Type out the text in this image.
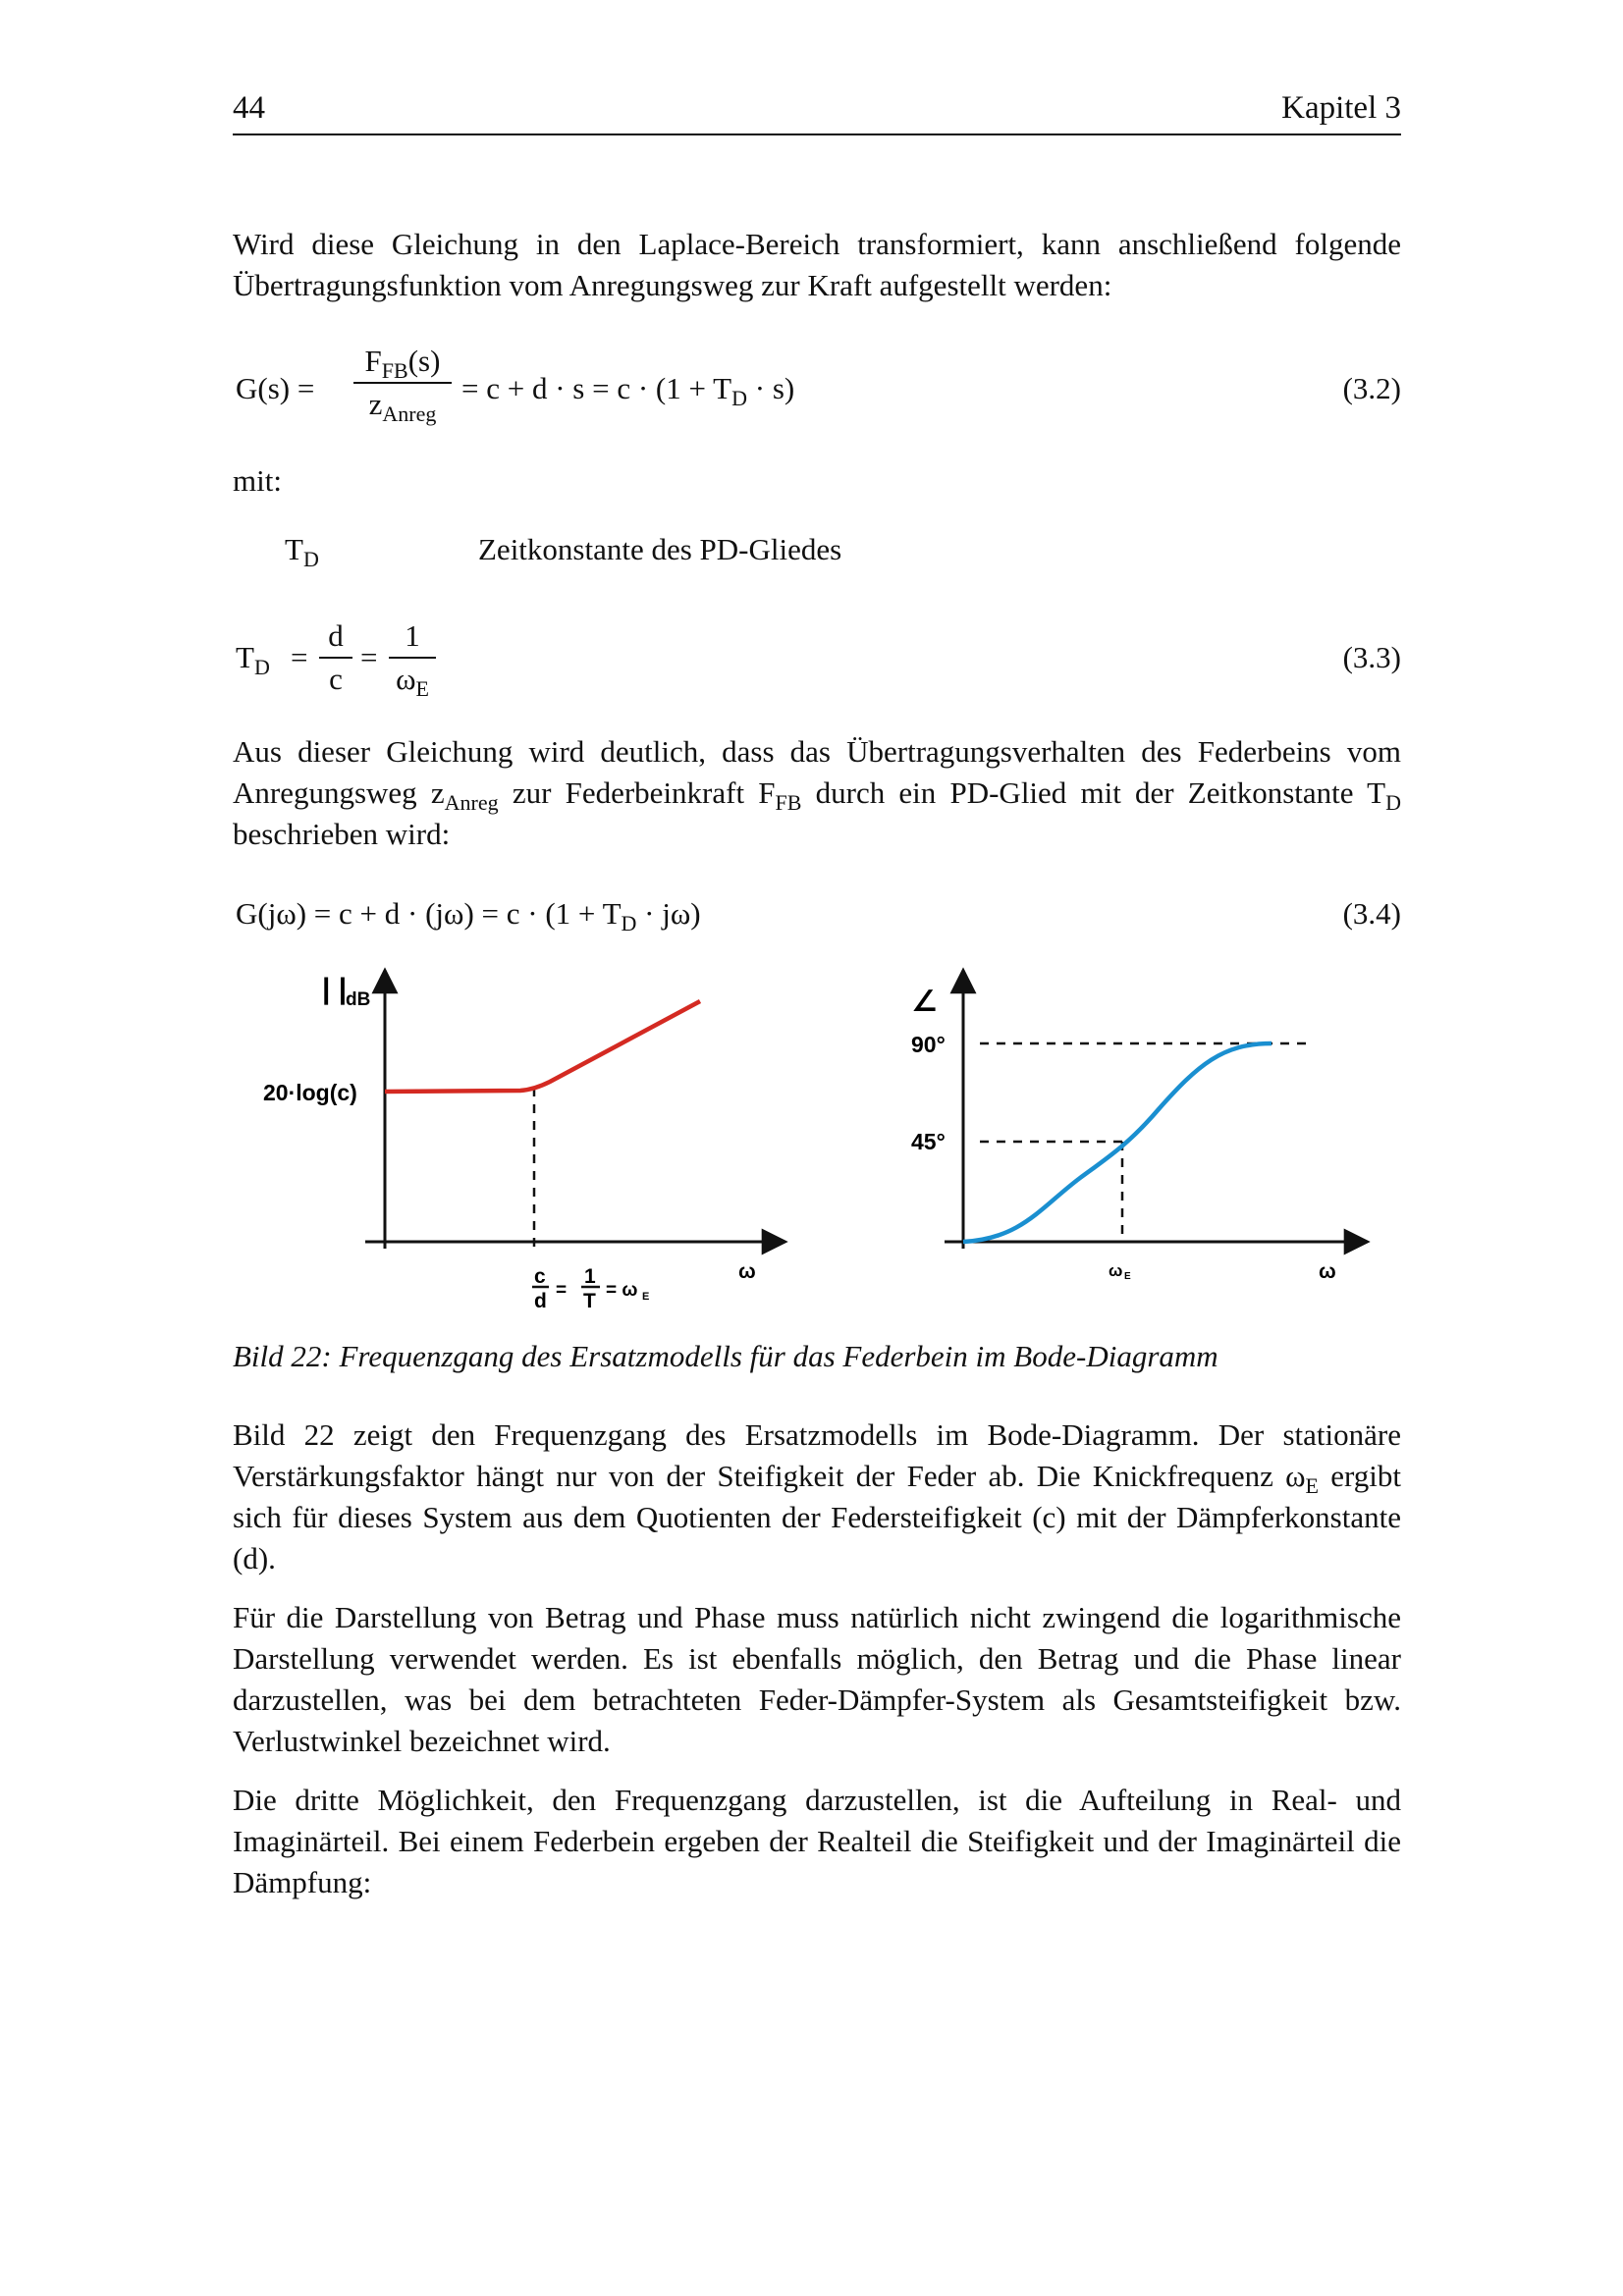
44	Kapitel 3

Wird diese Gleichung in den Laplace-Bereich transformiert, kann anschließend folgende Übertragungsfunktion vom Anregungsweg zur Kraft aufgestellt werden:

G(s) =
$F_{FB}(s)$
$z_{Anreg}$
= $c + d \cdot s = c \cdot (1 + T_D \cdot s)$	(3.2)
mit:
$T_D$	Zeitkonstante des PD-Gliedes
$T_D$ =
d
c
=
1
$\omega_E$
(3.3)

Aus dieser Gleichung wird deutlich, dass das Übertragungsverhalten des Federbeins vom Anregungsweg $z_{Anreg}$ zur Federbeinkraft $F_{FB}$ durch ein PD-Glied mit der Zeitkonstante $T_D$ beschrieben wird:

$G(j\omega) = c + d \cdot (j\omega) = c \cdot (1 + T_D \cdot j\omega)$	(3.4)
| |
dB
20·log(c)
c
d =
1
T = ω E
ω
∠
90°
45°
ω E	ω
Bild 22: Frequenzgang des Ersatzmodells für das Federbein im Bode-Diagramm

Bild 22 zeigt den Frequenzgang des Ersatzmodells im Bode-Diagramm. Der stationäre Verstärkungsfaktor hängt nur von der Steifigkeit der Feder ab. Die Knickfrequenz $\omega_E$ ergibt sich für dieses System aus dem Quotienten der Federsteifigkeit (c) mit der Dämpferkonstante (d).

Für die Darstellung von Betrag und Phase muss natürlich nicht zwingend die logarithmische Darstellung verwendet werden. Es ist ebenfalls möglich, den Betrag und die Phase linear darzustellen, was bei dem betrachteten Feder-Dämpfer-System als Gesamtsteifigkeit bzw. Verlustwinkel bezeichnet wird.

Die dritte Möglichkeit, den Frequenzgang darzustellen, ist die Aufteilung in Real- und Imaginärteil. Bei einem Federbein ergeben der Realteil die Steifigkeit und der Imaginärteil die Dämpfung:
